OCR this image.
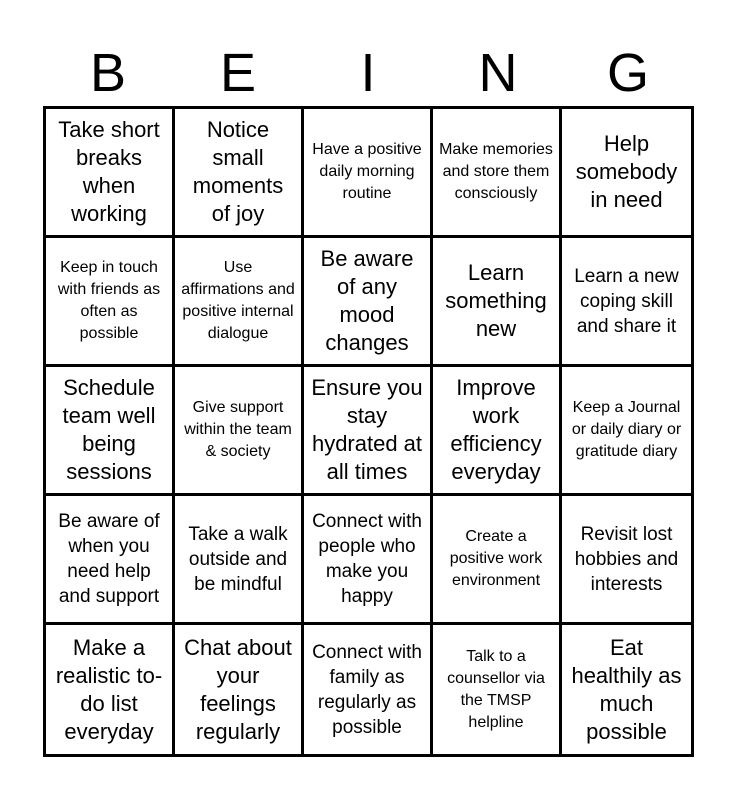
B	E	I	N	G
Take short breaks when working
Notice small moments of joy
Have a positive daily morning routine
Make memories and store them consciously
Help somebody in need
Keep in touch with friends as often as possible
Use affirmations and positive internal dialogue
Be aware of any mood changes
Learn something new
Learn a new coping skill and share it
Schedule team well being sessions
Give support within the team & society
Ensure you stay hydrated at all times
Improve work efficiency everyday
Keep a Journal or daily diary or gratitude diary
Be aware of when you need help and support
Take a walk outside and be mindful
Connect with people who make you happy
Create a positive work environment
Revisit lost hobbies and interests
Make a realistic to-do list everyday
Chat about your feelings regularly
Connect with family as regularly as possible
Talk to a counsellor via the TMSP helpline
Eat healthily as much possible
